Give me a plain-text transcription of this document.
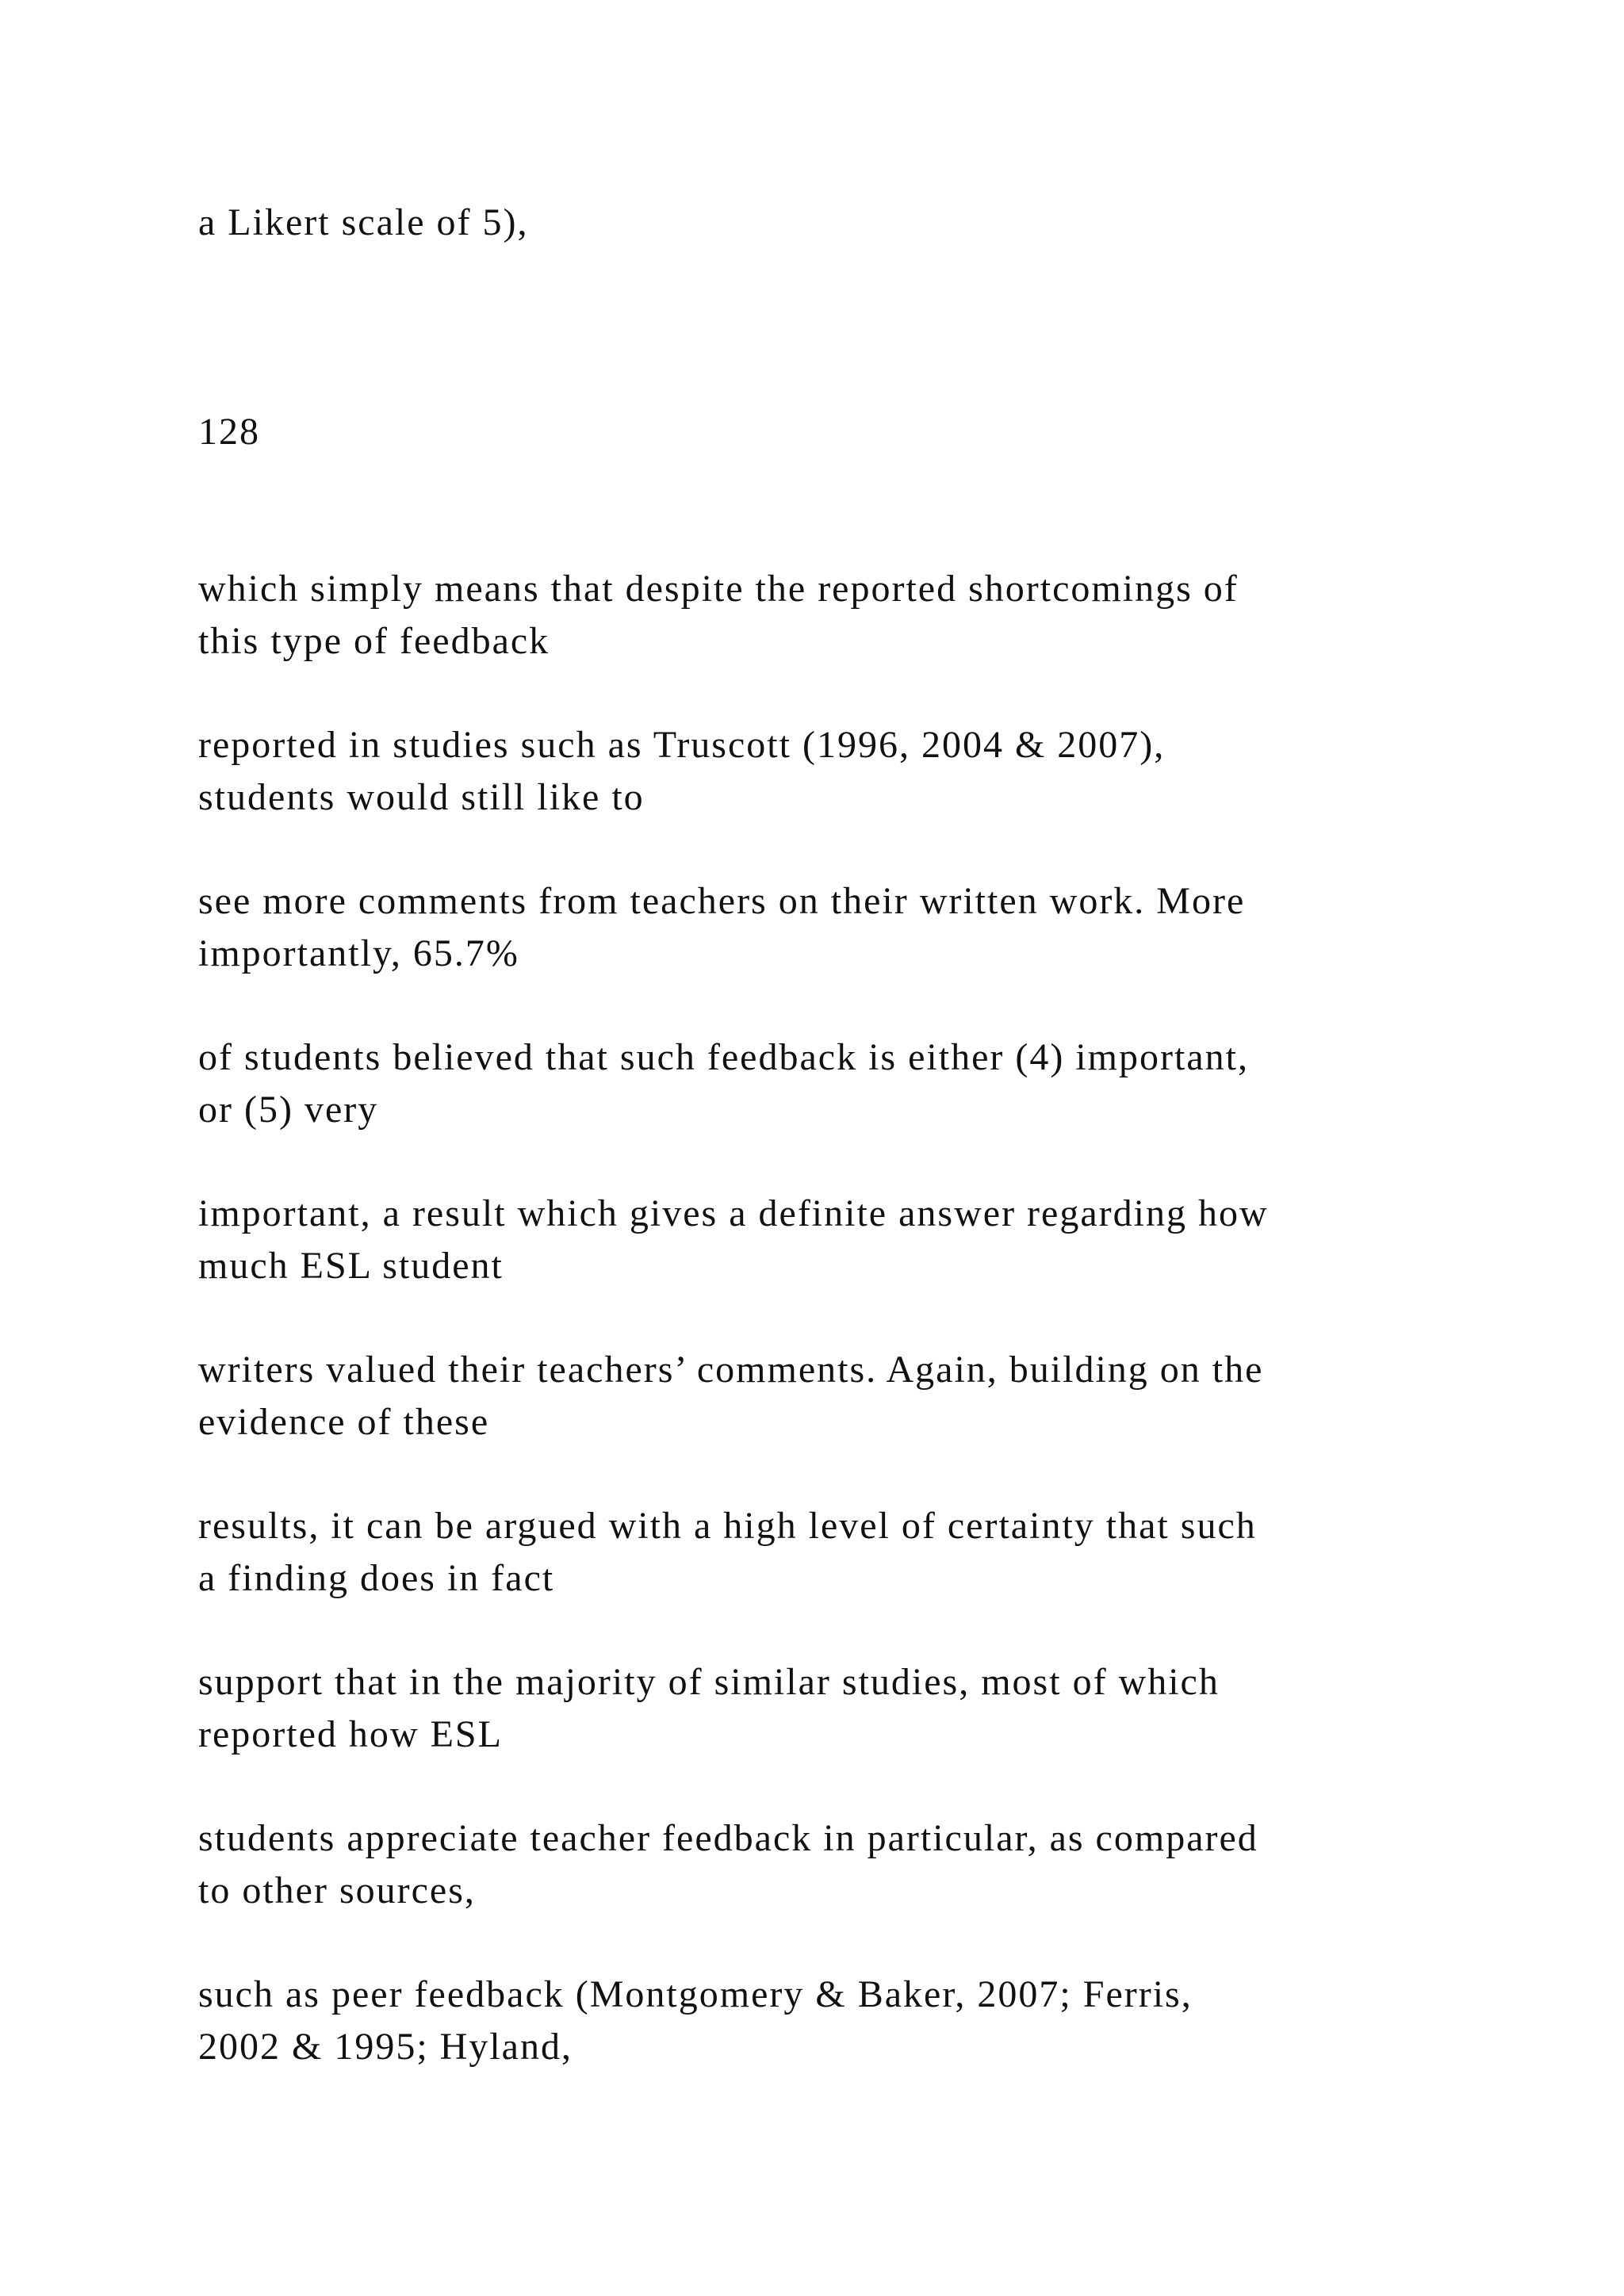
a Likert scale of 5),

128

which simply means that despite the reported shortcomings of

this type of feedback

reported in studies such as Truscott (1996, 2004 & 2007),

students would still like to

see more comments from teachers on their written work. More

importantly, 65.7%

of students believed that such feedback is either (4) important,

or (5) very

important, a result which gives a definite answer regarding how

much ESL student

writers valued their teachers’ comments. Again, building on the

evidence of these

results, it can be argued with a high level of certainty that such

a finding does in fact

support that in the majority of similar studies, most of which

reported how ESL

students appreciate teacher feedback in particular, as compared

to other sources,

such as peer feedback (Montgomery & Baker, 2007; Ferris,

2002 & 1995; Hyland,
